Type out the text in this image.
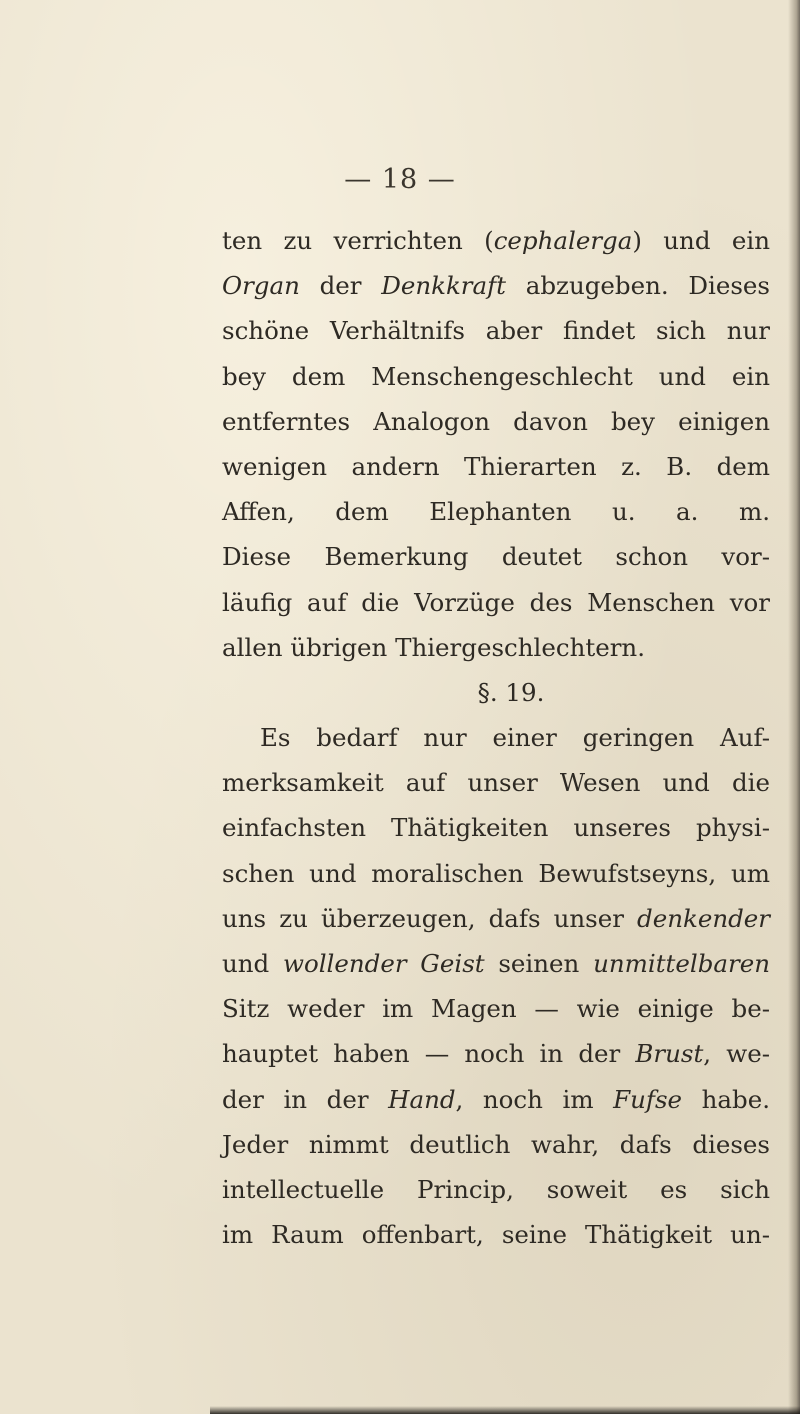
— 18 —
ten zu verrichten (cephalerga) und ein
Organ der Denkkraft abzugeben. Dieses
schöne Verhältnifs aber findet sich nur
bey dem Menschengeschlecht und ein
entferntes Analogon davon bey einigen
wenigen andern Thierarten z. B. dem
Affen, dem Elephanten u. a. m.
Diese Bemerkung deutet schon vor-
läufig auf die Vorzüge des Menschen vor
allen übrigen Thiergeschlechtern.
§. 19.
Es bedarf nur einer geringen Auf-
merksamkeit auf unser Wesen und die
einfachsten Thätigkeiten unseres physi-
schen und moralischen Bewufstseyns, um
uns zu überzeugen, dafs unser denkender
und wollender Geist seinen unmittelbaren
Sitz weder im Magen — wie einige be-
hauptet haben — noch in der Brust, we-
der in der Hand, noch im Fufse habe.
Jeder nimmt deutlich wahr, dafs dieses
intellectuelle Princip, soweit es sich
im Raum offenbart, seine Thätigkeit un-
